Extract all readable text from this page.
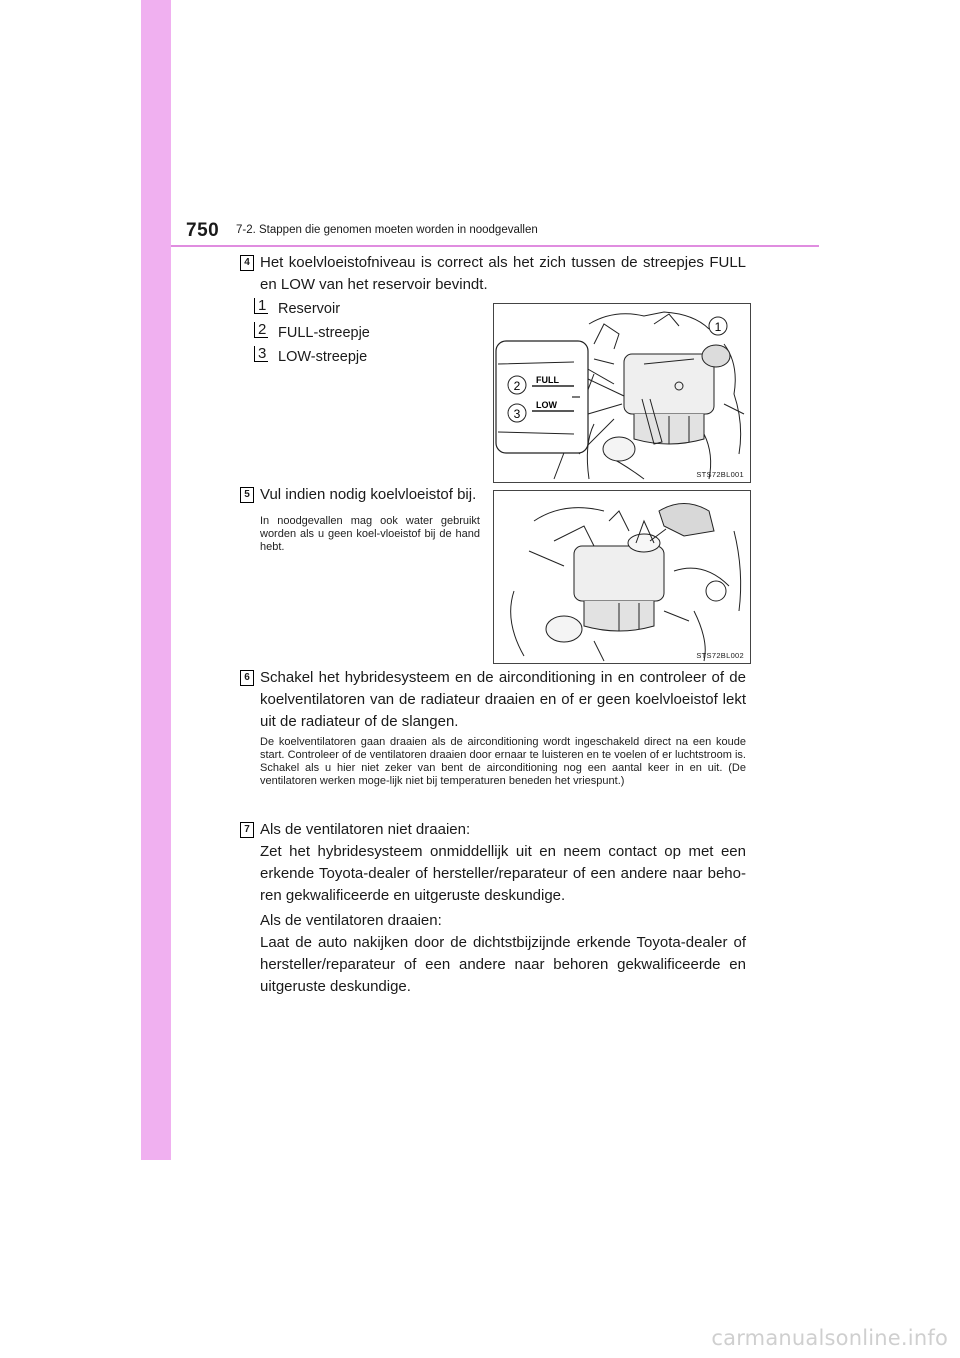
750 7-2. Stappen die genomen moeten worden in noodgevallen
4 Het koelvloeistofniveau is correct als het zich tussen de streepjes FULL en LOW van het reservoir bevindt.
1 Reservoir
2 FULL-streepje
3 LOW-streepje
2
3
FULL
LOW
1
STS72BL001
5 Vul indien nodig koelvloeistof bij.
In noodgevallen mag ook water gebruikt worden als u geen koel-vloeistof bij de hand hebt.
STS72BL002
6 Schakel het hybridesysteem en de airconditioning in en controleer of de koelventilatoren van de radiateur draaien en of er geen koelvloeistof lekt uit de radiateur of de slangen.
De koelventilatoren gaan draaien als de airconditioning wordt ingeschakeld direct na een koude start. Controleer of de ventilatoren draaien door ernaar te luisteren en te voelen of er luchtstroom is. Schakel als u hier niet zeker van bent de airconditioning nog een aantal keer in en uit. (De ventilatoren werken moge-lijk niet bij temperaturen beneden het vriespunt.)
7 Als de ventilatoren niet draaien:
Zet het hybridesysteem onmiddellijk uit en neem contact op met een erkende Toyota-dealer of hersteller/reparateur of een andere naar beho-ren gekwalificeerde en uitgeruste deskundige.
Als de ventilatoren draaien:
Laat de auto nakijken door de dichtstbijzijnde erkende Toyota-dealer of hersteller/reparateur of een andere naar behoren gekwalificeerde en uitgeruste deskundige.
carmanualsonline.info
